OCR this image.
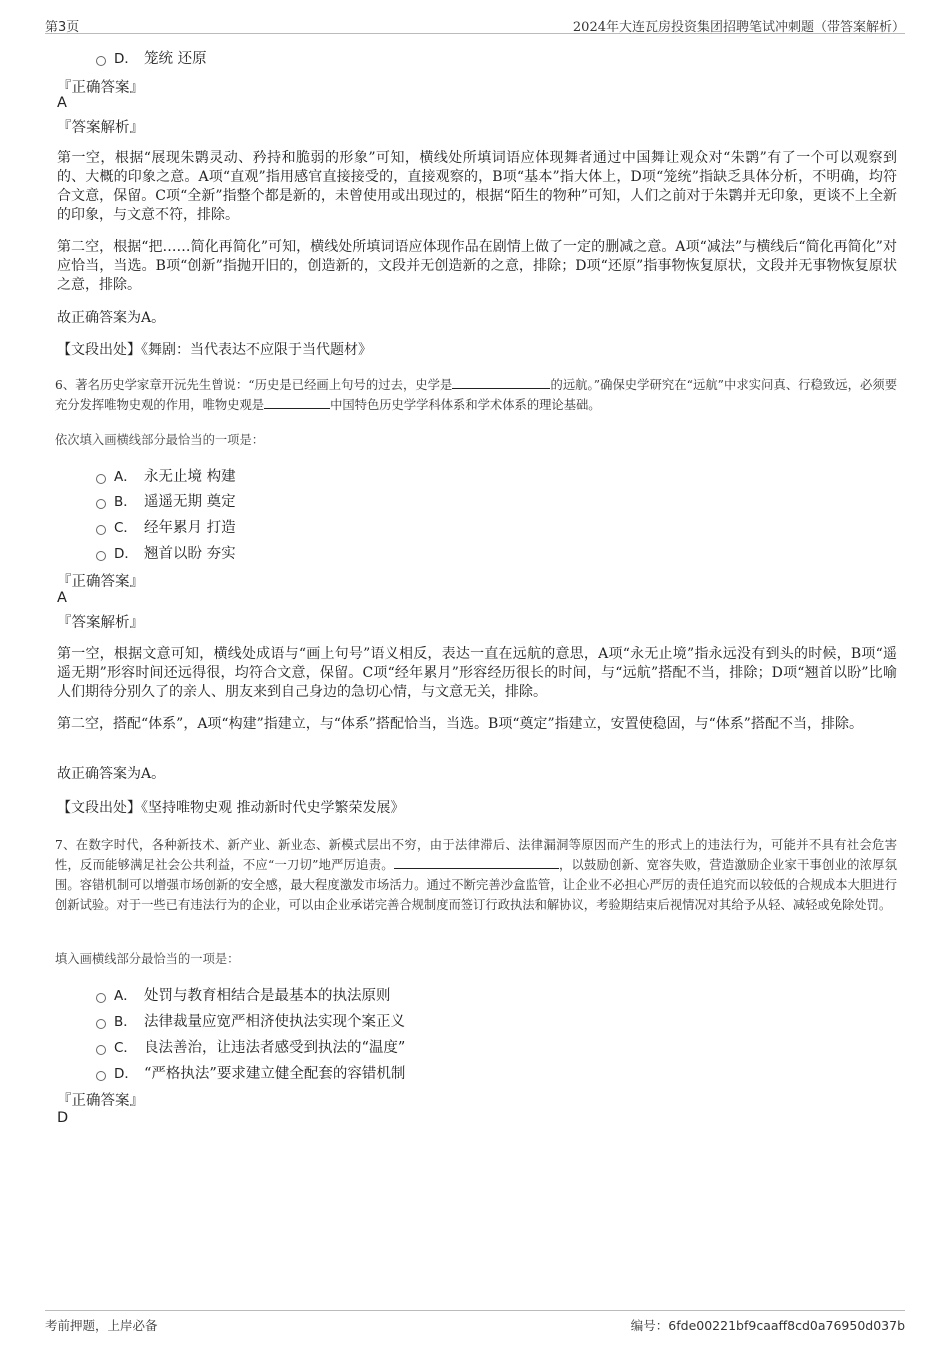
第3页	2024年大连瓦房投资集团招聘笔试冲刺题（带答案解析）
D． 笼统 还原
『正确答案』
A
『答案解析』
第一空，根据“展现朱鹮灵动、矜持和脆弱的形象”可知，横线处所填词语应体现舞者通过中国舞让观众对“朱鹮”有了一个可以观察到的、大概的印象之意。A项“直观”指用感官直接接受的，直接观察的，B项“基本”指大体上，D项“笼统”指缺乏具体分析，不明确，均符合文意，保留。C项“全新”指整个都是新的，未曾使用或出现过的，根据“陌生的物种”可知，人们之前对于朱鹮并无印象，更谈不上全新的印象，与文意不符，排除。
第二空，根据“把……简化再简化”可知，横线处所填词语应体现作品在剧情上做了一定的删减之意。A项“减法”与横线后“简化再简化”对应恰当，当选。B项“创新”指抛开旧的，创造新的，文段并无创造新的之意，排除；D项“还原”指事物恢复原状，文段并无事物恢复原状之意，排除。
故正确答案为A。
【文段出处】《舞剧：当代表达不应限于当代题材》
6、著名历史学家章开沅先生曾说：“历史是已经画上句号的过去，史学是	的远航。”确保史学研究在“远航”中求实问真、行稳致远，必须要充分发挥唯物史观的作用，唯物史观是	中国特色历史学学科体系和学术体系的理论基础。
依次填入画横线部分最恰当的一项是：
A． 永无止境 构建
B． 遥遥无期 奠定
C． 经年累月 打造
D． 翘首以盼 夯实
『正确答案』
A
『答案解析』
第一空，根据文意可知，横线处成语与“画上句号”语义相反，表达一直在远航的意思，A项“永无止境”指永远没有到头的时候，B项“遥遥无期”形容时间还远得很，均符合文意，保留。C项“经年累月”形容经历很长的时间，与“远航”搭配不当，排除；D项“翘首以盼”比喻人们期待分别久了的亲人、朋友来到自己身边的急切心情，与文意无关，排除。
第二空，搭配“体系”，A项“构建”指建立，与“体系”搭配恰当，当选。B项“奠定”指建立，安置使稳固，与“体系”搭配不当，排除。
故正确答案为A。
【文段出处】《坚持唯物史观 推动新时代史学繁荣发展》
7、在数字时代，各种新技术、新产业、新业态、新模式层出不穷，由于法律滞后、法律漏洞等原因而产生的形式上的违法行为，可能并不具有社会危害性，反而能够满足社会公共利益，不应“一刀切”地严厉追责。	，以鼓励创新、宽容失败，营造激励企业家干事创业的浓厚氛围。容错机制可以增强市场创新的安全感，最大程度激发市场活力。通过不断完善沙盒监管，让企业不必担心严厉的责任追究而以较低的合规成本大胆进行创新试验。对于一些已有违法行为的企业，可以由企业承诺完善合规制度而签订行政执法和解协议，考验期结束后视情况对其给予从轻、减轻或免除处罚。
填入画横线部分最恰当的一项是：
A． 处罚与教育相结合是最基本的执法原则
B． 法律裁量应宽严相济使执法实现个案正义
C． 良法善治，让违法者感受到执法的“温度”
D． “严格执法”要求建立健全配套的容错机制
『正确答案』
D
考前押题，上岸必备	编号：6fde00221bf9caaff8cd0a76950d037b
